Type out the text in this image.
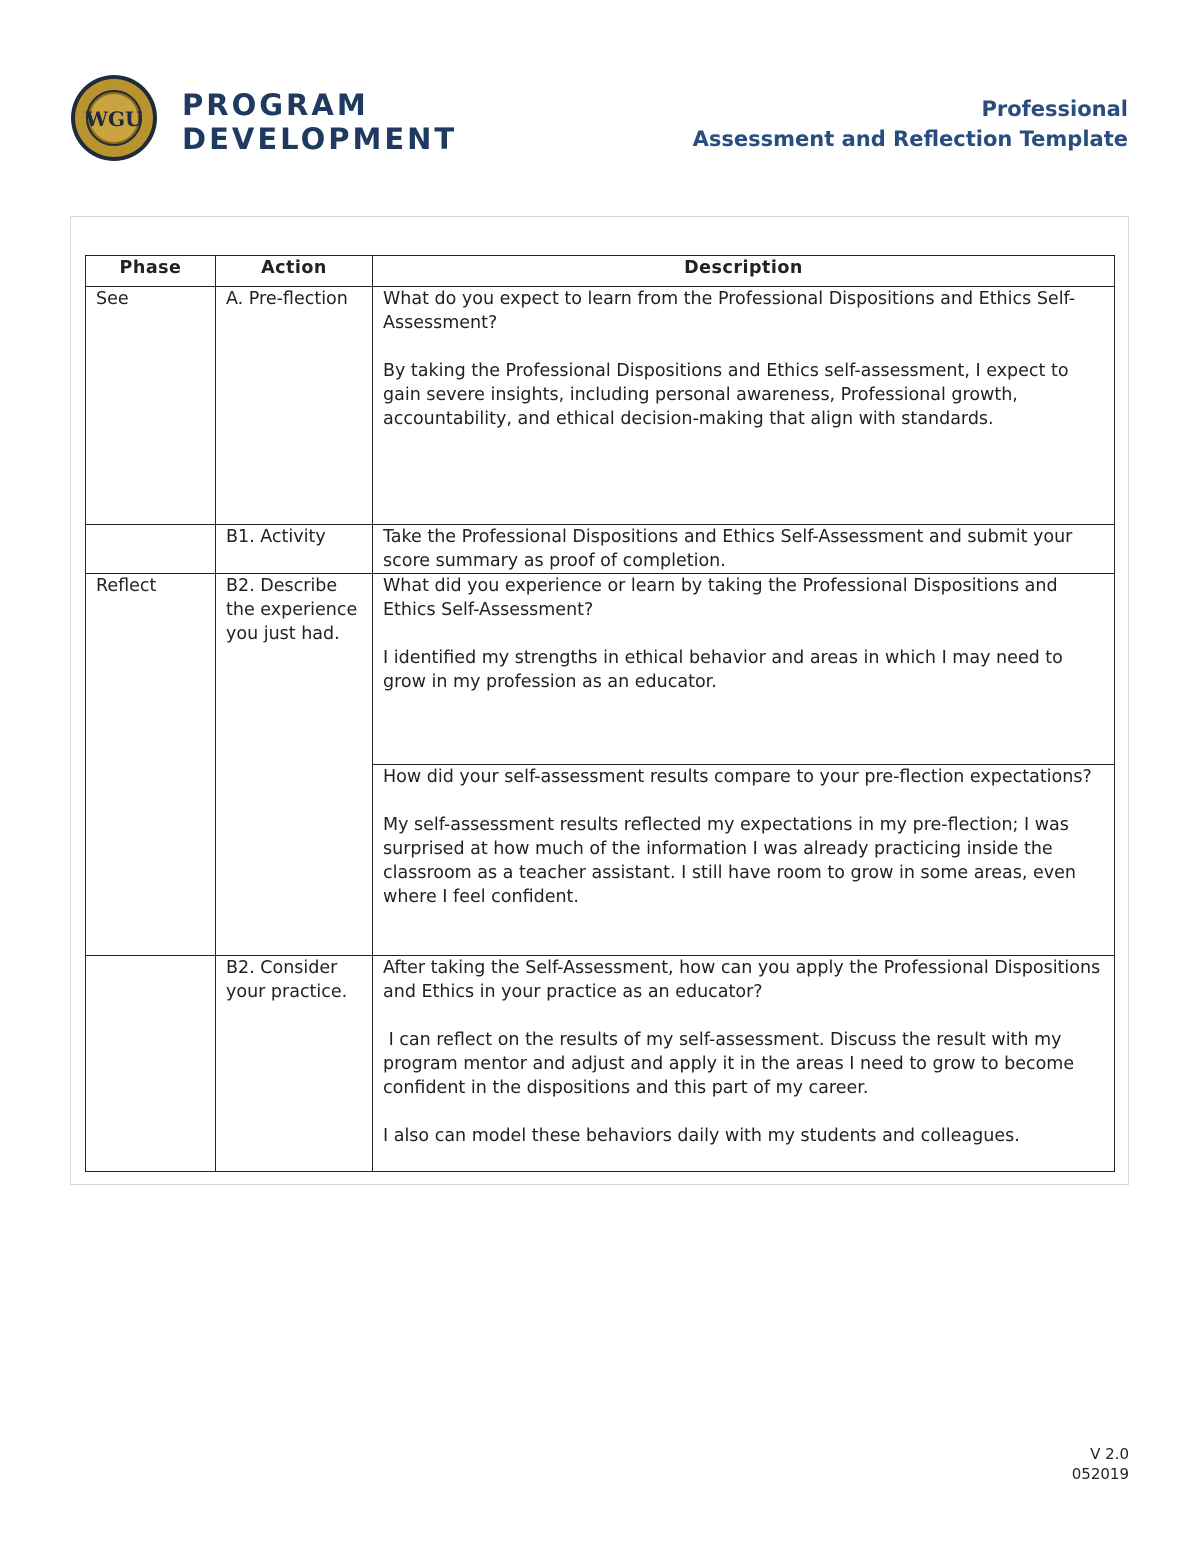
WGU PROGRAM
DEVELOPMENT
Professional
Assessment and Reflection Template
Phase	Action	Description
See	A. Pre-flection	What do you expect to learn from the Professional Dispositions and Ethics Self-Assessment?

By taking the Professional Dispositions and Ethics self-assessment, I expect to gain severe insights, including personal awareness, Professional growth, accountability, and ethical decision-making that align with standards.

	B1. Activity	Take the Professional Dispositions and Ethics Self-Assessment and submit your score summary as proof of completion.

Reflect	B2. Describe the experience you just had.	What did you experience or learn by taking the Professional Dispositions and Ethics Self-Assessment?

I identified my strengths in ethical behavior and areas in which I may need to grow in my profession as an educator.

		How did your self-assessment results compare to your pre-flection expectations?

My self-assessment results reflected my expectations in my pre-flection; I was surprised at how much of the information I was already practicing inside the classroom as a teacher assistant. I still have room to grow in some areas, even where I feel confident.

	B2. Consider your practice.	After taking the Self-Assessment, how can you apply the Professional Dispositions and Ethics in your practice as an educator?

I can reflect on the results of my self-assessment. Discuss the result with my program mentor and adjust and apply it in the areas I need to grow to become confident in the dispositions and this part of my career.

I also can model these behaviors daily with my students and colleagues.

V 2.0
052019
